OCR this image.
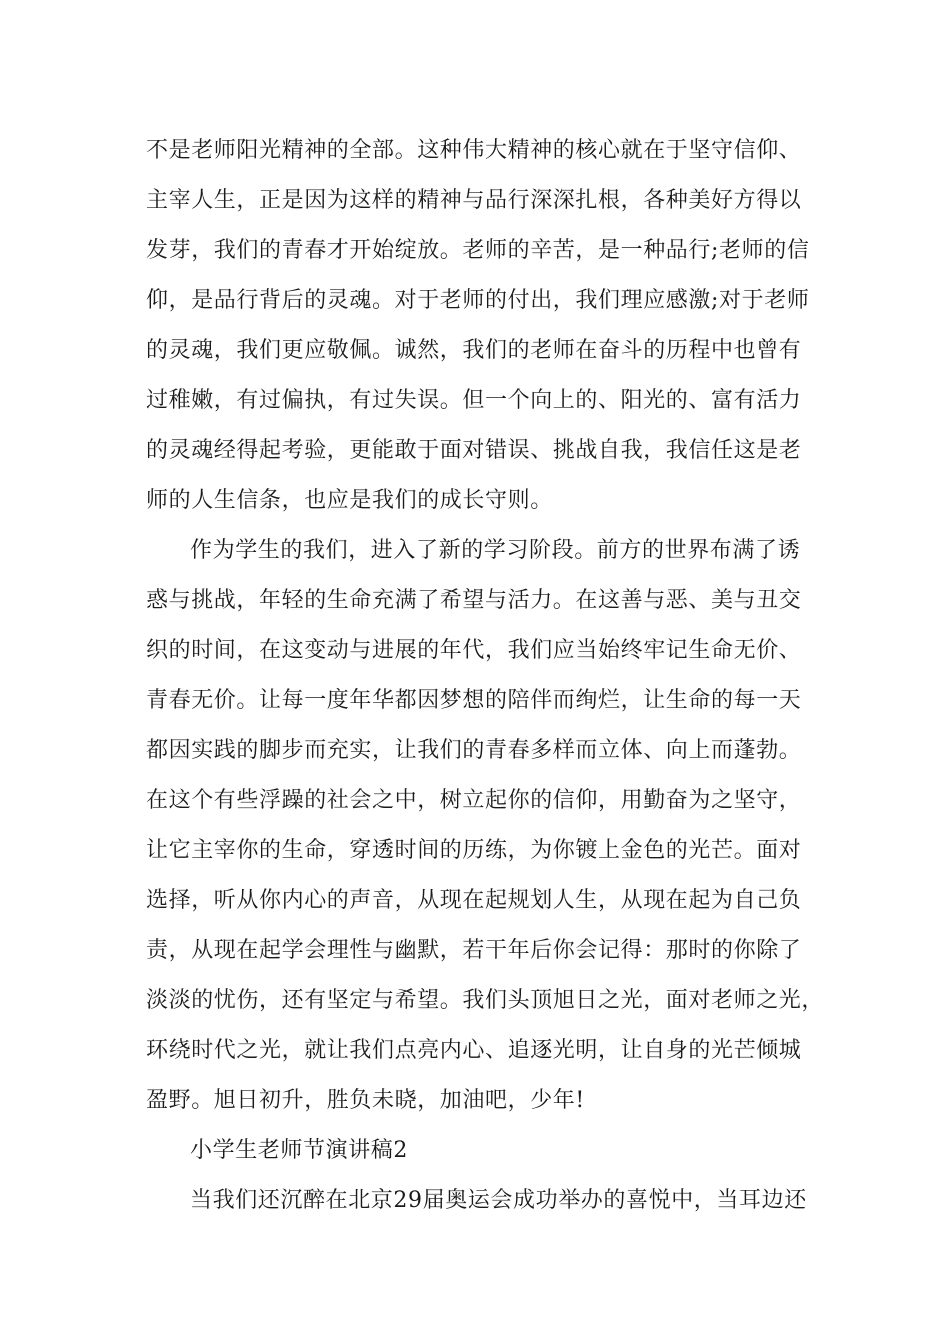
不是老师阳光精神的全部。这种伟大精神的核心就在于坚守信仰、
主宰人生，正是因为这样的精神与品行深深扎根，各种美好方得以
发芽，我们的青春才开始绽放。老师的辛苦，是一种品行;老师的信
仰，是品行背后的灵魂。对于老师的付出，我们理应感激;对于老师
的灵魂，我们更应敬佩。诚然，我们的老师在奋斗的历程中也曾有
过稚嫩，有过偏执，有过失误。但一个向上的、阳光的、富有活力
的灵魂经得起考验，更能敢于面对错误、挑战自我，我信任这是老
师的人生信条，也应是我们的成长守则。
作为学生的我们，进入了新的学习阶段。前方的世界布满了诱
惑与挑战，年轻的生命充满了希望与活力。在这善与恶、美与丑交
织的时间，在这变动与进展的年代，我们应当始终牢记生命无价、
青春无价。让每一度年华都因梦想的陪伴而绚烂，让生命的每一天
都因实践的脚步而充实，让我们的青春多样而立体、向上而蓬勃。
在这个有些浮躁的社会之中，树立起你的信仰，用勤奋为之坚守，
让它主宰你的生命，穿透时间的历练，为你镀上金色的光芒。面对
选择，听从你内心的声音，从现在起规划人生，从现在起为自己负
责，从现在起学会理性与幽默，若干年后你会记得：那时的你除了
淡淡的忧伤，还有坚定与希望。我们头顶旭日之光，面对老师之光，
环绕时代之光，就让我们点亮内心、追逐光明，让自身的光芒倾城
盈野。旭日初升，胜负未晓，加油吧，少年!
小学生老师节演讲稿2
当我们还沉醉在北京29届奥运会成功举办的喜悦中，当耳边还
